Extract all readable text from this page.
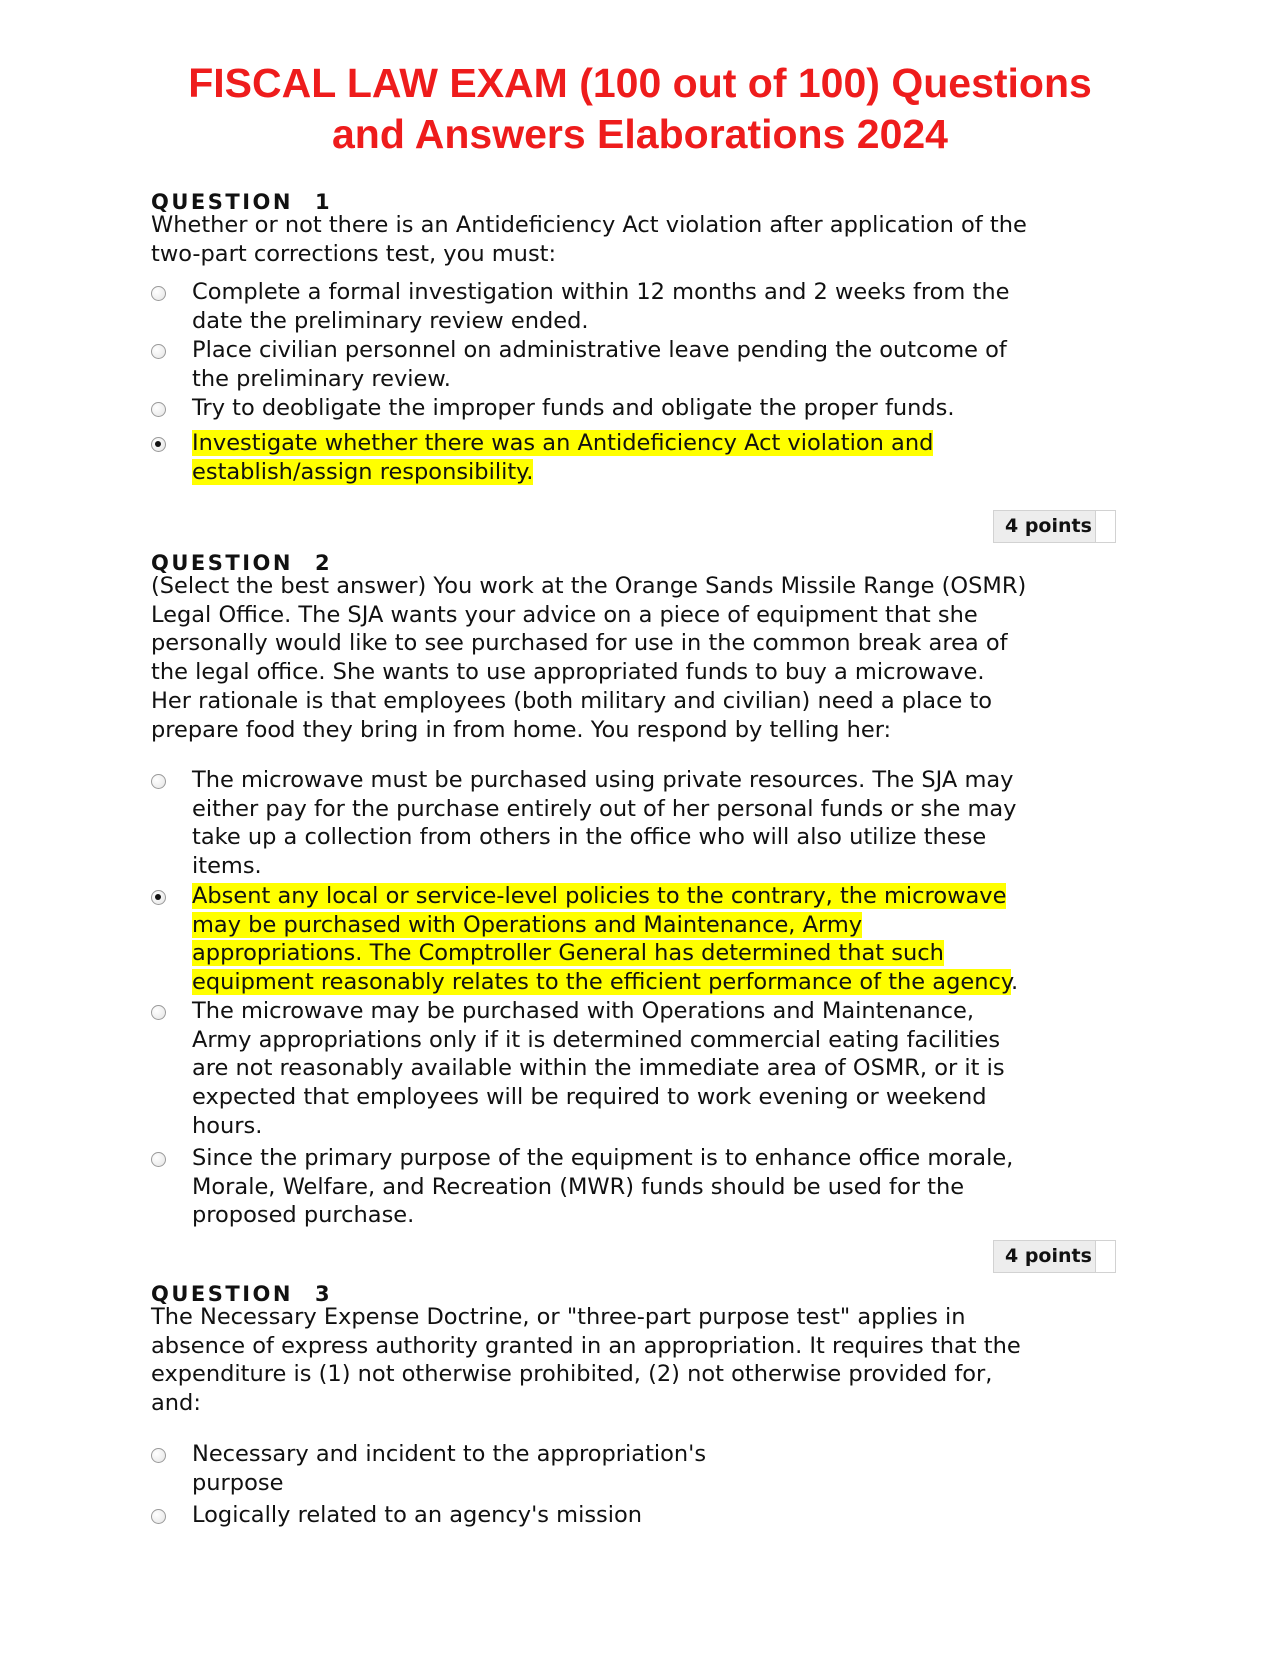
FISCAL LAW EXAM (100 out of 100) Questions
and Answers Elaborations 2024
QUESTION 1
Whether or not there is an Antideficiency Act violation after application of the
two-part corrections test, you must:
Complete a formal investigation within 12 months and 2 weeks from the
date the preliminary review ended.
Place civilian personnel on administrative leave pending the outcome of
the preliminary review.
Try to deobligate the improper funds and obligate the proper funds.
Investigate whether there was an Antideficiency Act violation and
establish/assign responsibility.
4 points
QUESTION 2
(Select the best answer) You work at the Orange Sands Missile Range (OSMR)
Legal Office. The SJA wants your advice on a piece of equipment that she
personally would like to see purchased for use in the common break area of
the legal office. She wants to use appropriated funds to buy a microwave.
Her rationale is that employees (both military and civilian) need a place to
prepare food they bring in from home. You respond by telling her:
The microwave must be purchased using private resources. The SJA may
either pay for the purchase entirely out of her personal funds or she may
take up a collection from others in the office who will also utilize these
items.
Absent any local or service-level policies to the contrary, the microwave
may be purchased with Operations and Maintenance, Army
appropriations. The Comptroller General has determined that such
equipment reasonably relates to the efficient performance of the agency.
The microwave may be purchased with Operations and Maintenance,
Army appropriations only if it is determined commercial eating facilities
are not reasonably available within the immediate area of OSMR, or it is
expected that employees will be required to work evening or weekend
hours.
Since the primary purpose of the equipment is to enhance office morale,
Morale, Welfare, and Recreation (MWR) funds should be used for the
proposed purchase.
4 points
QUESTION 3
The Necessary Expense Doctrine, or "three-part purpose test" applies in
absence of express authority granted in an appropriation. It requires that the
expenditure is (1) not otherwise prohibited, (2) not otherwise provided for,
and:
Necessary and incident to the appropriation's
purpose
Logically related to an agency's mission
